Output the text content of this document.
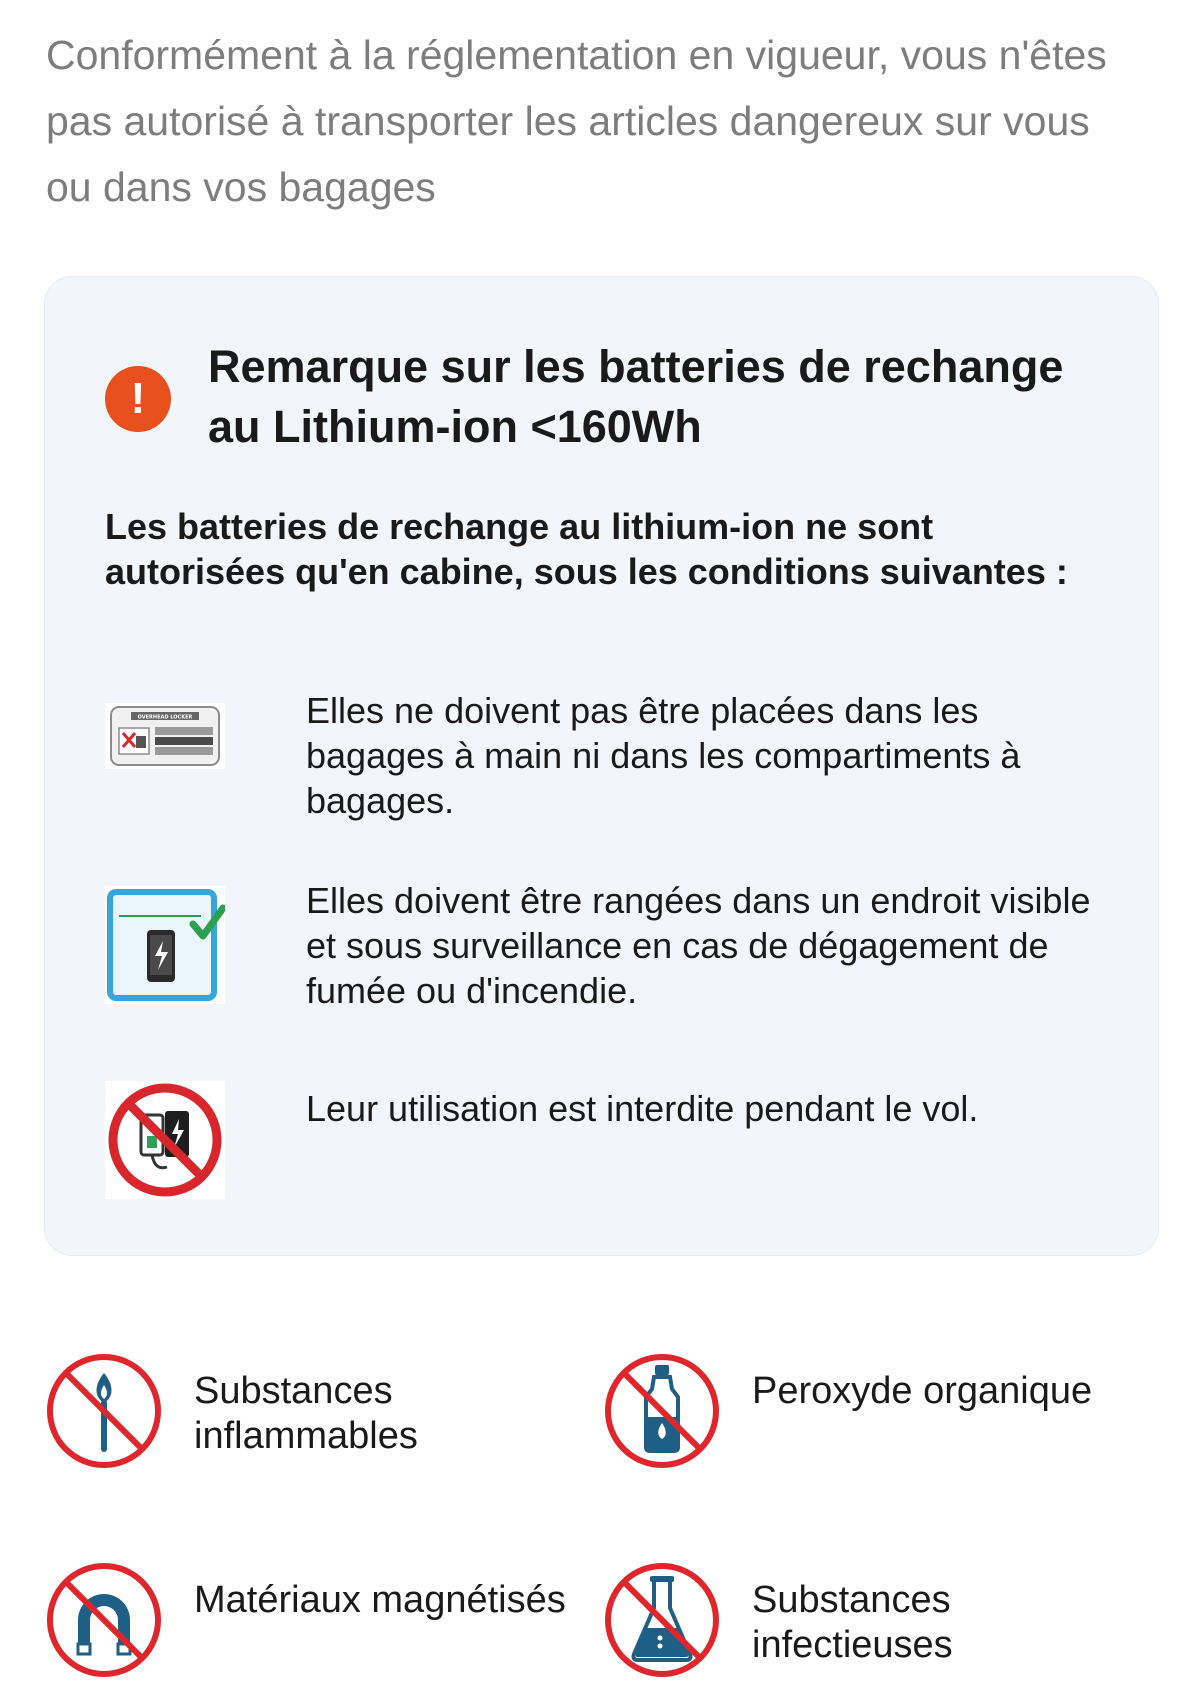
Conformément à la réglementation en vigueur, vous n'êtes pas autorisé à transporter les articles dangereux sur vous ou dans vos bagages

!
Remarque sur les batteries de rechange au Lithium-ion <160Wh

Les batteries de rechange au lithium-ion ne sont autorisées qu'en cabine, sous les conditions suivantes :

OVERHEAD LOCKER	Elles ne doivent pas être placées dans les bagages à main ni dans les compartiments à bagages.

Elles doivent être rangées dans un endroit visible et sous surveillance en cas de dégagement de fumée ou d'incendie.

Leur utilisation est interdite pendant le vol.

Substances inflammables

Peroxyde organique

Matériaux magnétisés	Substances infectieuses
